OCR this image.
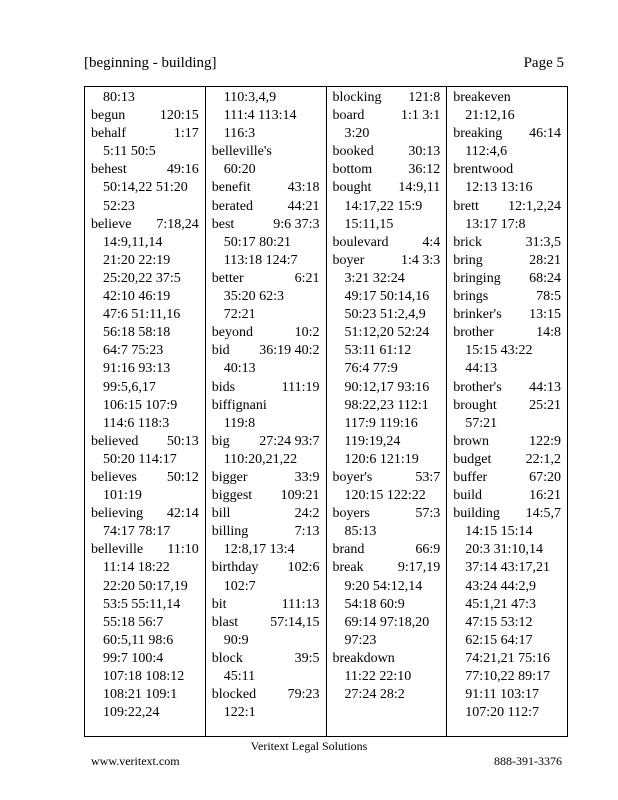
[beginning - building]	Page 5
80:13
begun 120:15
behalf	1:17
5:11 50:5
behest	49:16
50:14,22 51:20
52:23
believe 7:18,24
14:9,11,14
21:20 22:19
25:20,22 37:5
42:10 46:19
47:6 51:11,16
56:18 58:18
64:7 75:23
91:16 93:13
99:5,6,17
106:15 107:9
114:6 118:3
believed 50:13
50:20 114:17
believes 50:12
101:19
believing 42:14
74:17 78:17
belleville 11:10
11:14 18:22
22:20 50:17,19
53:5 55:11,14
55:18 56:7
60:5,11 98:6
99:7 100:4
107:18 108:12
108:21 109:1
109:22,24
110:3,4,9
111:4 113:14
116:3
belleville's
60:20
benefit	43:18
berated 44:21
best	9:6 37:3
50:17 80:21
113:18 124:7
better	6:21
35:20 62:3
72:21
beyond	10:2
bid 36:19 40:2
40:13
bids	111:19
biffignani
119:8
big 27:24 93:7
110:20,21,22
bigger	33:9
biggest 109:21
bill	24:2
billing	7:13
12:8,17 13:4
birthday 102:6
102:7
bit	111:13
blast 57:14,15
90:9
block	39:5
45:11
blocked 79:23
122:1
blocking 121:8
board	1:1 3:1
3:20
booked 30:13
bottom	36:12
bought 14:9,11
14:17,22 15:9
15:11,15
boulevard 4:4
boyer	1:4 3:3
3:21 32:24
49:17 50:14,16
50:23 51:2,4,9
51:12,20 52:24
53:11 61:12
76:4 77:9
90:12,17 93:16
98:22,23 112:1
117:9 119:16
119:19,24
120:6 121:19
boyer's	53:7
120:15 122:22
boyers	57:3
85:13
brand	66:9
break 9:17,19
9:20 54:12,14
54:18 60:9
69:14 97:18,20
97:23
breakdown
11:22 22:10
27:24 28:2
breakeven
21:12,16
breaking 46:14
112:4,6
brentwood
12:13 13:16
brett 12:1,2,24
13:17 17:8
brick	31:3,5
bring	28:21
bringing 68:24
brings	78:5
brinker's 13:15
brother	14:8
15:15 43:22
44:13
brother's 44:13
brought 25:21
57:21
brown	122:9
budget 22:1,2
buffer	67:20
build	16:21
building 14:5,7
14:15 15:14
20:3 31:10,14
37:14 43:17,21
43:24 44:2,9
45:1,21 47:3
47:15 53:12
62:15 64:17
74:21,21 75:16
77:10,22 89:17
91:11 103:17
107:20 112:7
Veritext Legal Solutions
www.veritext.com	888-391-3376
